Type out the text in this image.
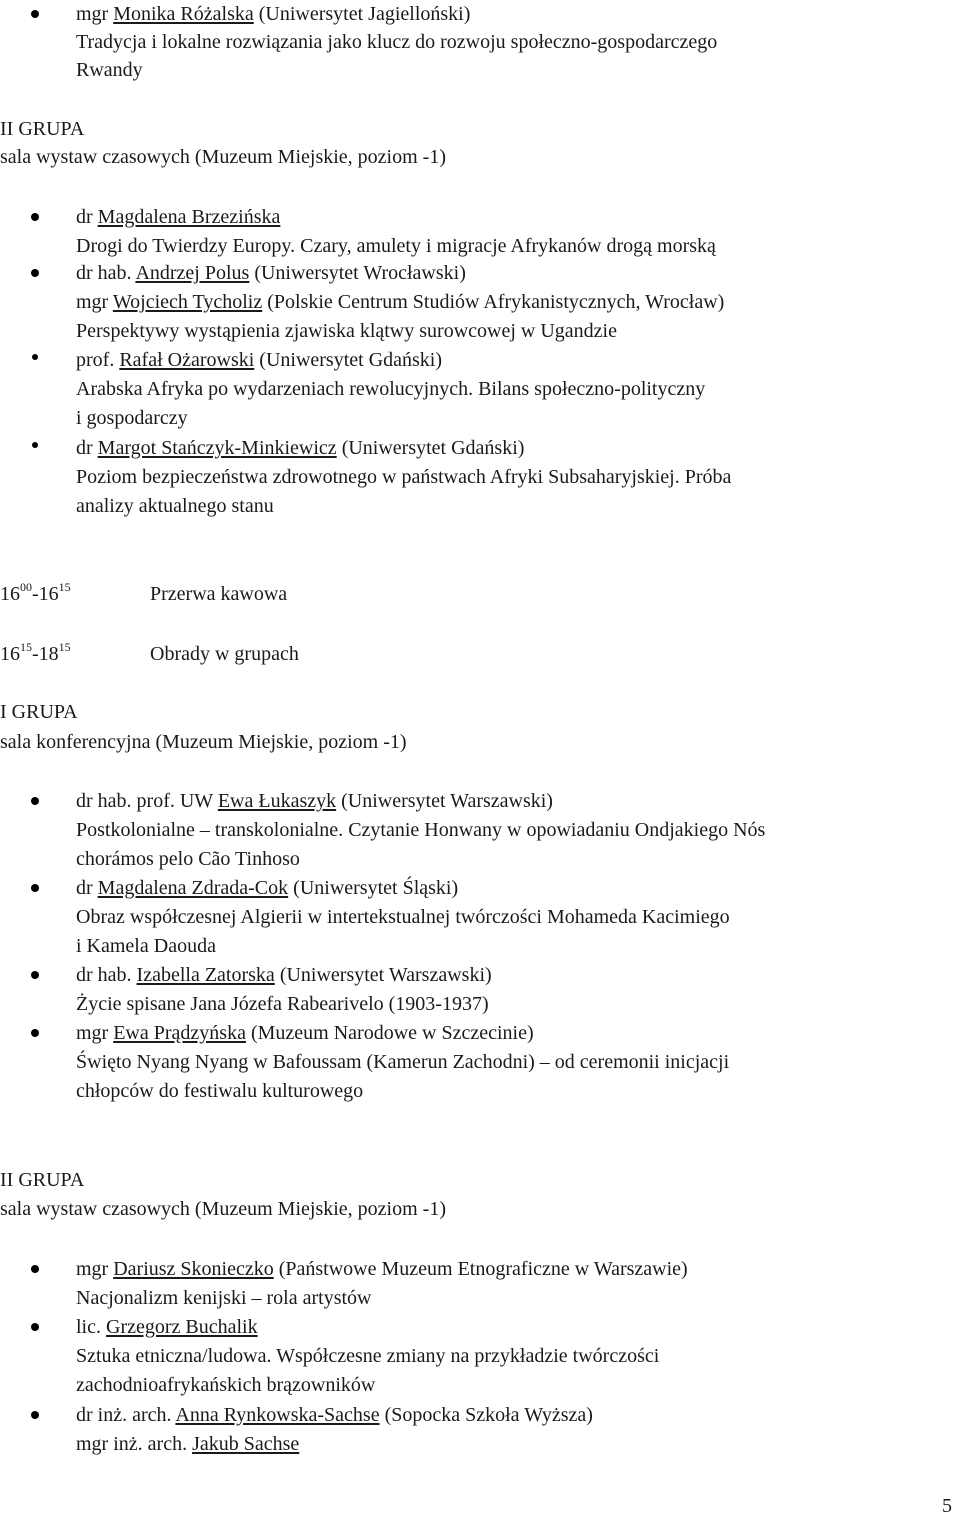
mgr Monika Różalska (Uniwersytet Jagielloński)
Tradycja i lokalne rozwiązania jako klucz do rozwoju społeczno-gospodarczego
Rwandy
II GRUPA
sala wystaw czasowych (Muzeum Miejskie, poziom -1)
dr Magdalena Brzezińska
Drogi do Twierdzy Europy. Czary, amulety i migracje Afrykanów drogą morską
dr hab. Andrzej Polus (Uniwersytet Wrocławski)
mgr Wojciech Tycholiz (Polskie Centrum Studiów Afrykanistycznych, Wrocław)
Perspektywy wystąpienia zjawiska klątwy surowcowej w Ugandzie
prof. Rafał Ożarowski (Uniwersytet Gdański)
Arabska Afryka po wydarzeniach rewolucyjnych. Bilans społeczno-polityczny
i gospodarczy
dr Margot Stańczyk-Minkiewicz (Uniwersytet Gdański)
Poziom bezpieczeństwa zdrowotnego w państwach Afryki Subsaharyjskiej. Próba
analizy aktualnego stanu
$16^{00}-16^{15}$	Przerwa kawowa
$16^{15}-18^{15}$	Obrady w grupach
I GRUPA
sala konferencyjna (Muzeum Miejskie, poziom -1)
dr hab. prof. UW Ewa Łukaszyk (Uniwersytet Warszawski)
Postkolonialne – transkolonialne. Czytanie Honwany w opowiadaniu Ondjakiego Nós
chorámos pelo Cão Tinhoso
dr Magdalena Zdrada-Cok (Uniwersytet Śląski)
Obraz współczesnej Algierii w intertekstualnej twórczości Mohameda Kacimiego
i Kamela Daouda
dr hab. Izabella Zatorska (Uniwersytet Warszawski)
Życie spisane Jana Józefa Rabearivelo (1903-1937)
mgr Ewa Prądzyńska (Muzeum Narodowe w Szczecinie)
Święto Nyang Nyang w Bafoussam (Kamerun Zachodni) – od ceremonii inicjacji
chłopców do festiwalu kulturowego
II GRUPA
sala wystaw czasowych (Muzeum Miejskie, poziom -1)
mgr Dariusz Skonieczko (Państwowe Muzeum Etnograficzne w Warszawie)
Nacjonalizm kenijski – rola artystów
lic. Grzegorz Buchalik
Sztuka etniczna/ludowa. Współczesne zmiany na przykładzie twórczości
zachodnioafrykańskich brązowników
dr inż. arch. Anna Rynkowska-Sachse (Sopocka Szkoła Wyższa)
mgr inż. arch. Jakub Sachse
5
